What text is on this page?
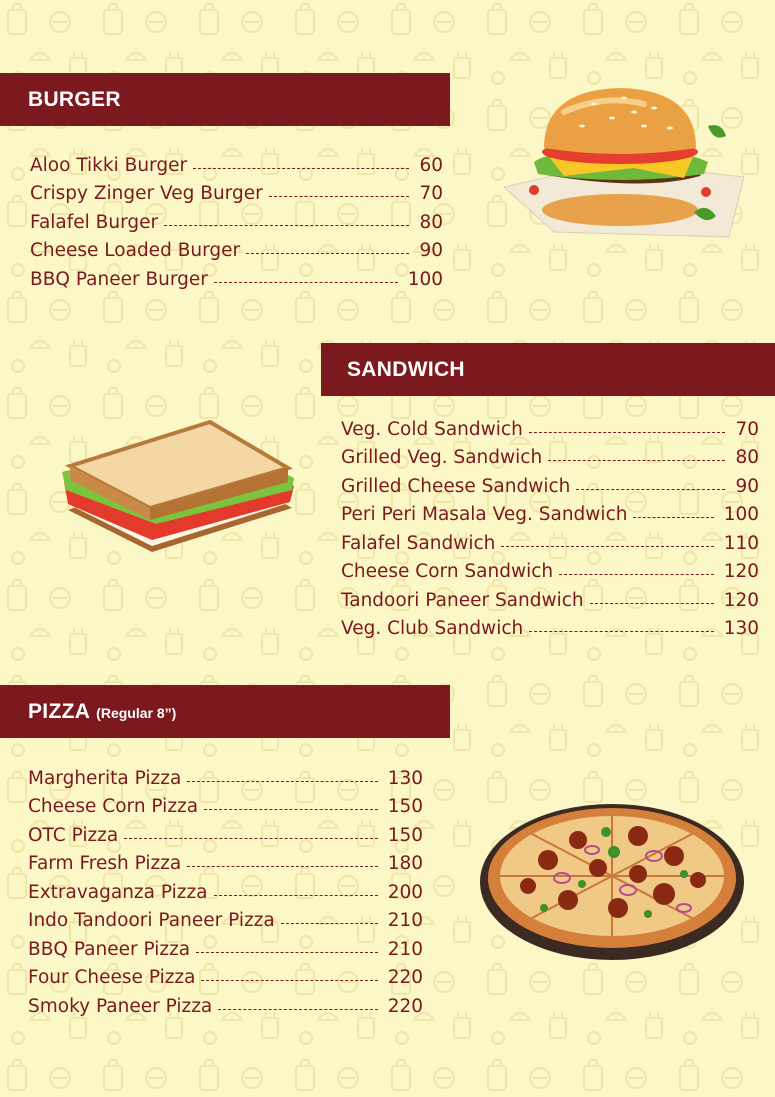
BURGER
Aloo Tikki Burger	60
Crispy Zinger Veg Burger	70
Falafel Burger	80
Cheese Loaded Burger	90
BBQ Paneer Burger	100
SANDWICH
Veg. Cold Sandwich	70
Grilled Veg. Sandwich	80
Grilled Cheese Sandwich	90
Peri Peri Masala Veg. Sandwich	100
Falafel Sandwich	110
Cheese Corn Sandwich	120
Tandoori Paneer Sandwich	120
Veg. Club Sandwich	130
PIZZA (Regular 8”)
Margherita Pizza	130
Cheese Corn Pizza	150
OTC Pizza	150
Farm Fresh Pizza	180
Extravaganza Pizza	200
Indo Tandoori Paneer Pizza	210
BBQ Paneer Pizza	210
Four Cheese Pizza	220
Smoky Paneer Pizza	220
